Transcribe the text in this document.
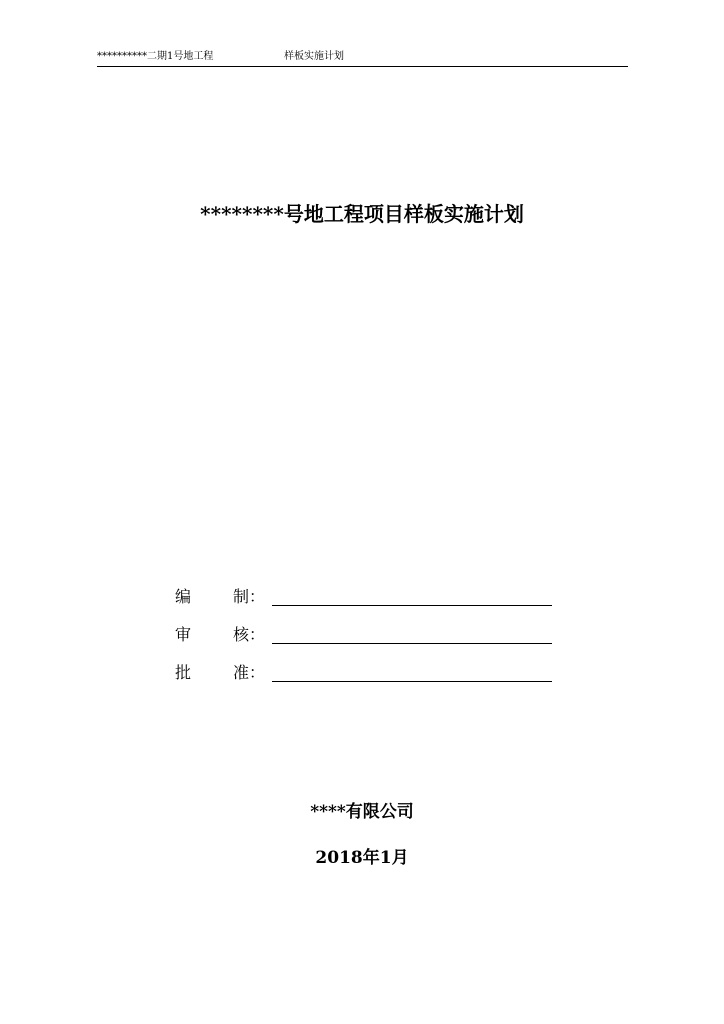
**********二期1号地工程	样板实施计划
********号地工程项目样板实施计划
编	制：
审	核：
批	准：
****有限公司
2018年1月
